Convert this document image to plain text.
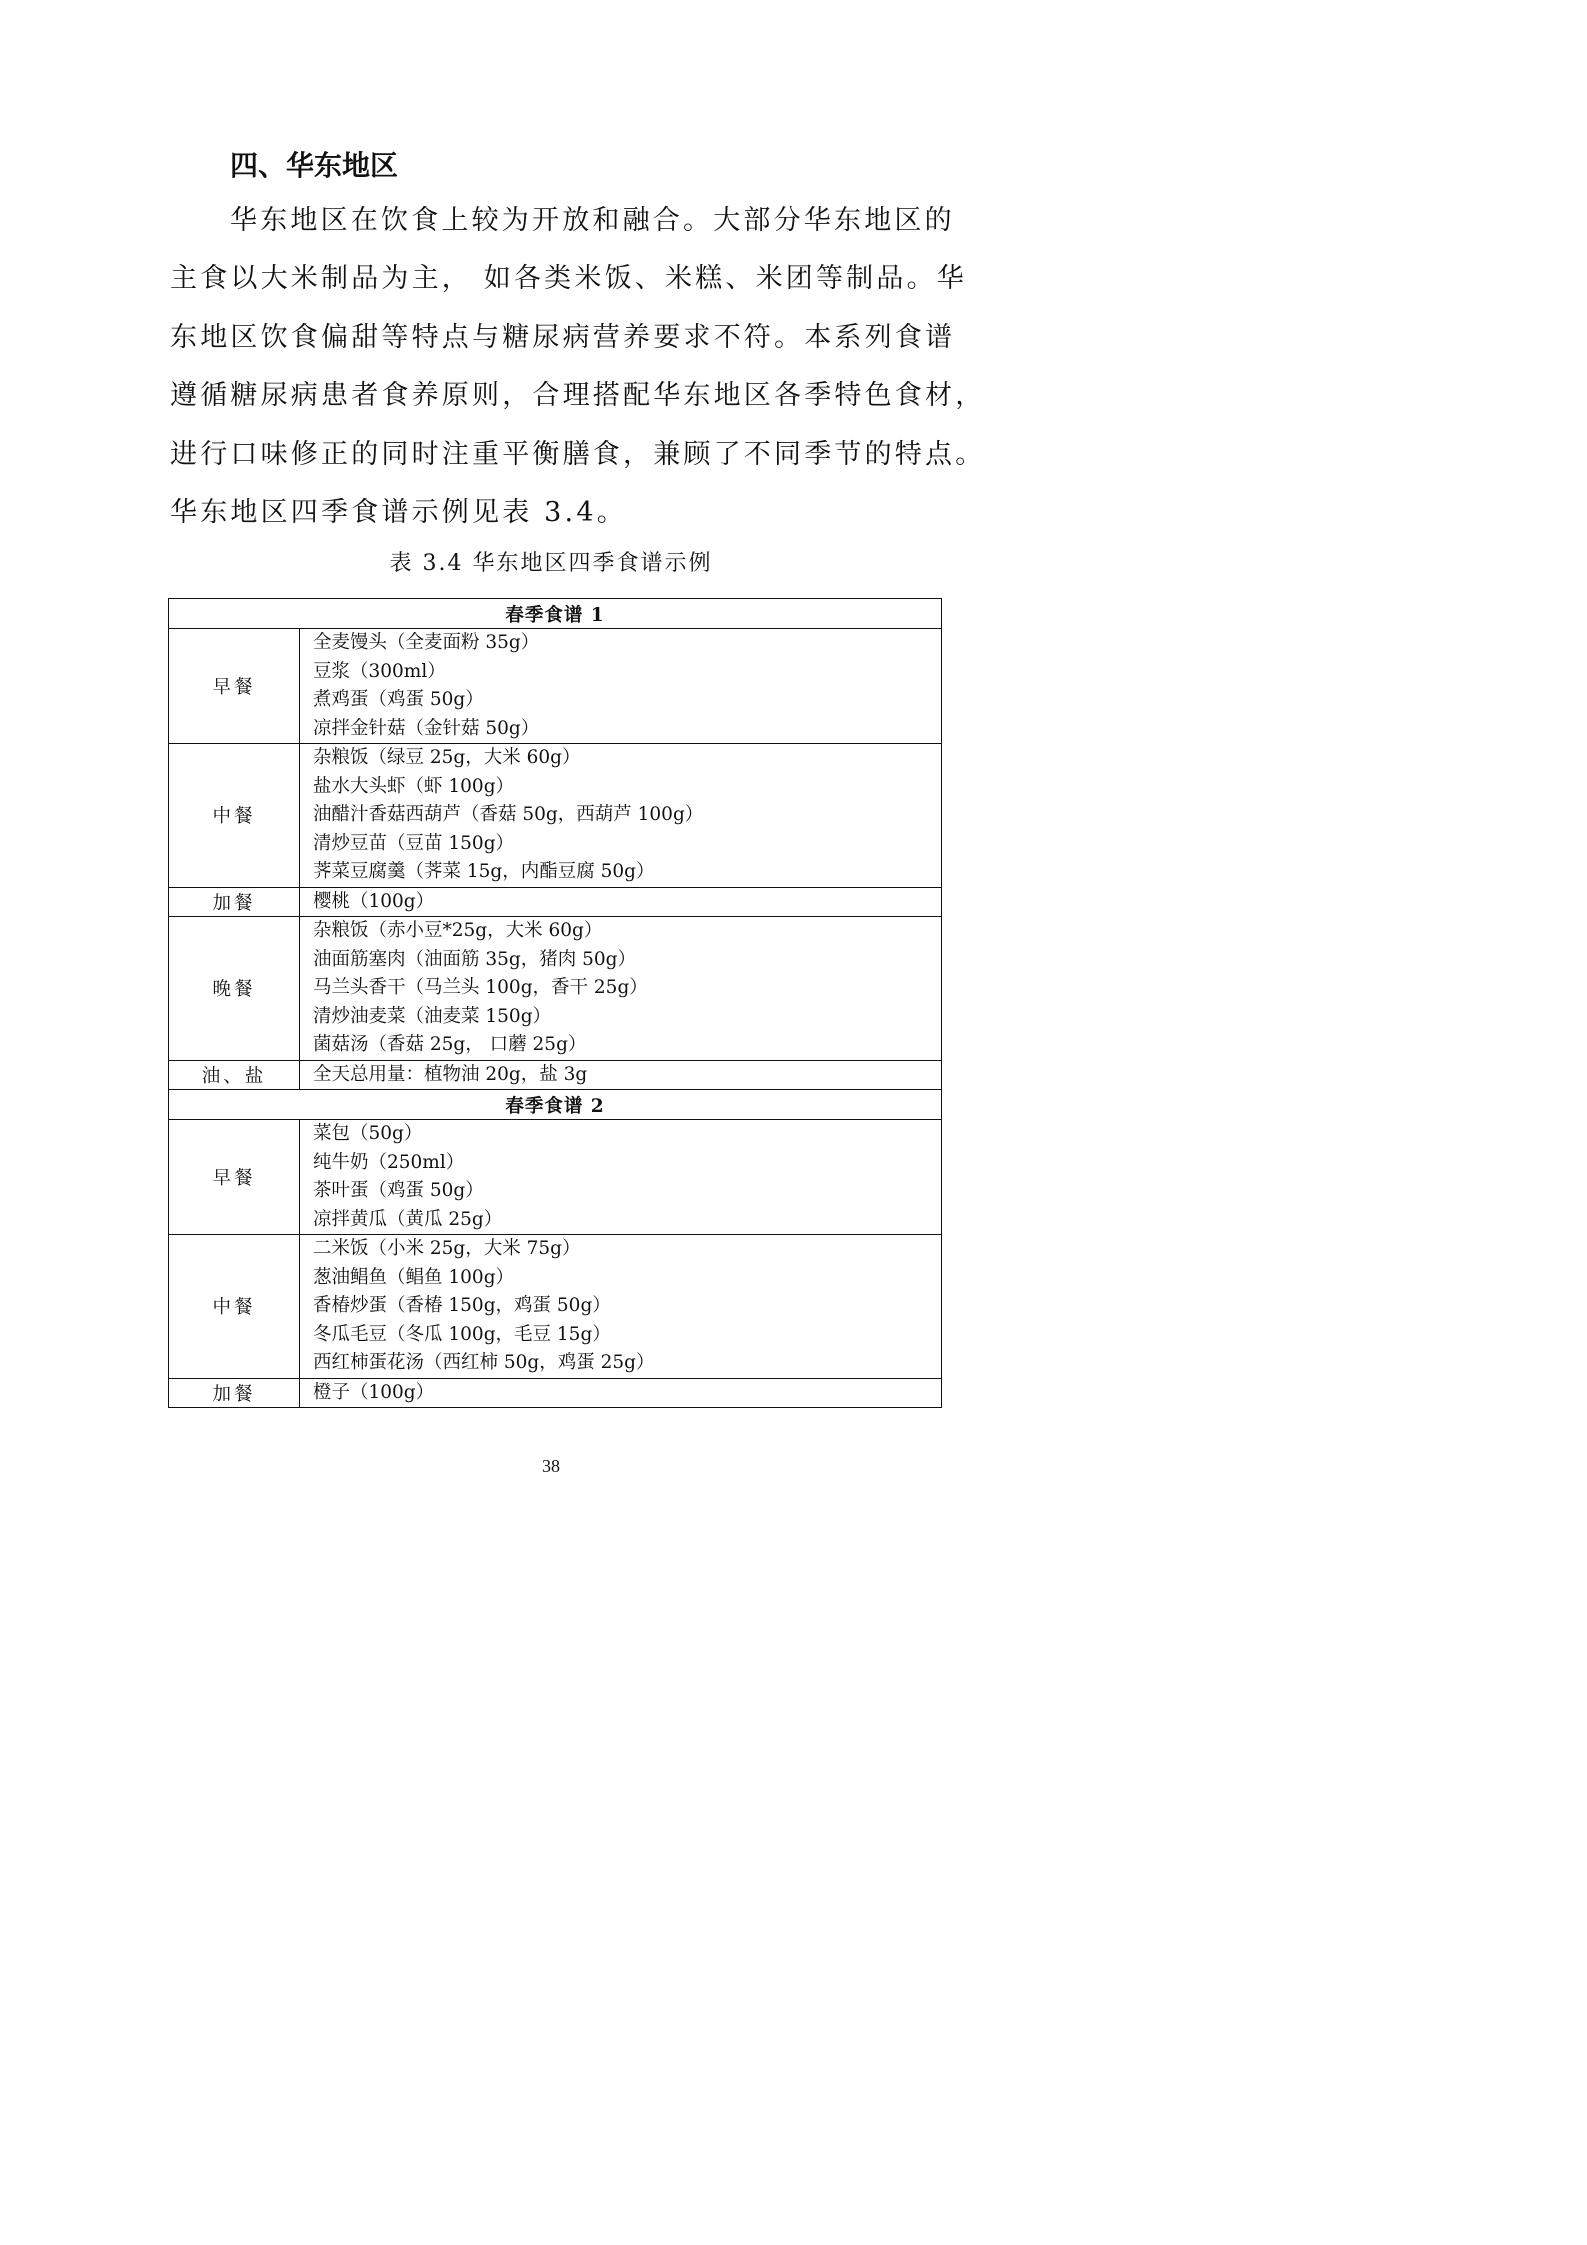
四、华东地区
华东地区在饮食上较为开放和融合。大部分华东地区的
主食以大米制品为主， 如各类米饭、米糕、米团等制品。华
东地区饮食偏甜等特点与糖尿病营养要求不符。本系列食谱
遵循糖尿病患者食养原则，合理搭配华东地区各季特色食材，
进行口味修正的同时注重平衡膳食，兼顾了不同季节的特点。
华东地区四季食谱示例见表 3.4。

表 3.4 华东地区四季食谱示例

春季食谱 1	
早餐	全麦馒头（全麦面粉 35g）
豆浆（300ml）
煮鸡蛋（鸡蛋 50g）
凉拌金针菇（金针菇 50g）

中餐	杂粮饭（绿豆 25g，大米 60g）
盐水大头虾（虾 100g）
油醋汁香菇西葫芦（香菇 50g，西葫芦 100g）
清炒豆苗（豆苗 150g）
荠菜豆腐羹（荠菜 15g，内酯豆腐 50g）

加餐	樱桃（100g）

晚餐	杂粮饭（赤小豆*25g，大米 60g）
油面筋塞肉（油面筋 35g，猪肉 50g）
马兰头香干（马兰头 100g，香干 25g）
清炒油麦菜（油麦菜 150g）
菌菇汤（香菇 25g， 口蘑 25g）

油、盐	全天总用量：植物油 20g，盐 3g

春季食谱 2	
早餐	菜包（50g）
纯牛奶（250ml）
茶叶蛋（鸡蛋 50g）
凉拌黄瓜（黄瓜 25g）

中餐	二米饭（小米 25g，大米 75g）
葱油鲳鱼（鲳鱼 100g）
香椿炒蛋（香椿 150g，鸡蛋 50g）
冬瓜毛豆（冬瓜 100g，毛豆 15g）
西红柿蛋花汤（西红柿 50g，鸡蛋 25g）

加餐	橙子（100g）

38
